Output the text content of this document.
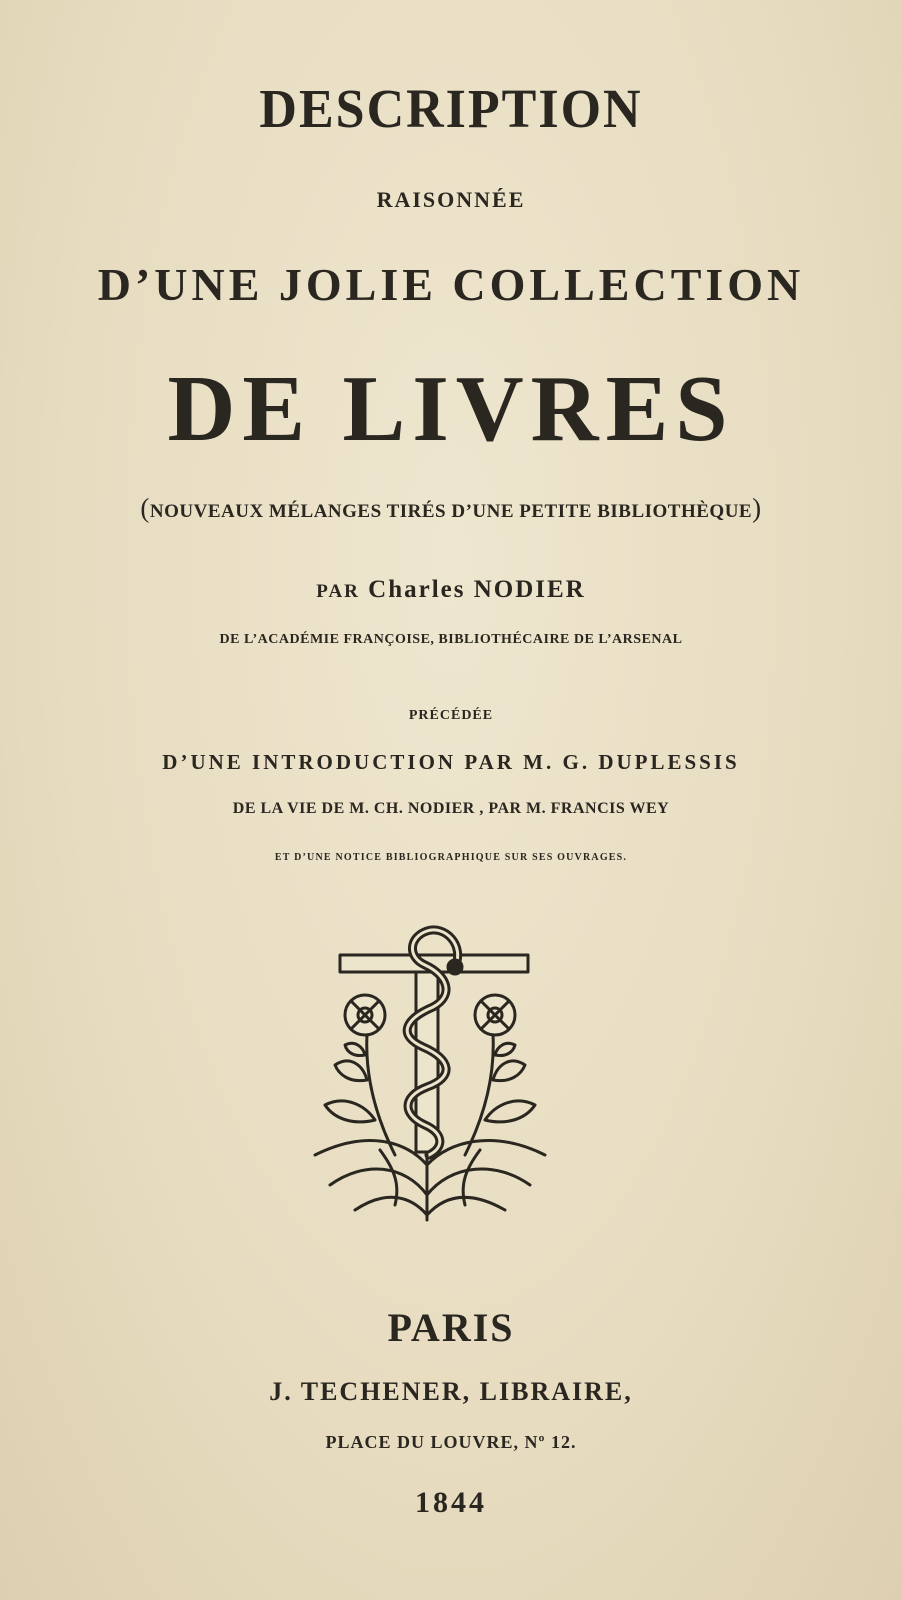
DESCRIPTION
RAISONNÉE
D’UNE JOLIE COLLECTION
DE LIVRES
(NOUVEAUX MÉLANGES TIRÉS D’UNE PETITE BIBLIOTHÈQUE)
PAR Charles NODIER
DE L’ACADÉMIE FRANÇOISE, BIBLIOTHÉCAIRE DE L’ARSENAL
PRÉCÉDÉE
D’UNE INTRODUCTION PAR M. G. DUPLESSIS
DE LA VIE DE M. CH. NODIER , PAR M. FRANCIS WEY
ET D’UNE NOTICE BIBLIOGRAPHIQUE SUR SES OUVRAGES.
PARIS
J. TECHENER, LIBRAIRE,
PLACE DU LOUVRE, Nº 12.
1844
